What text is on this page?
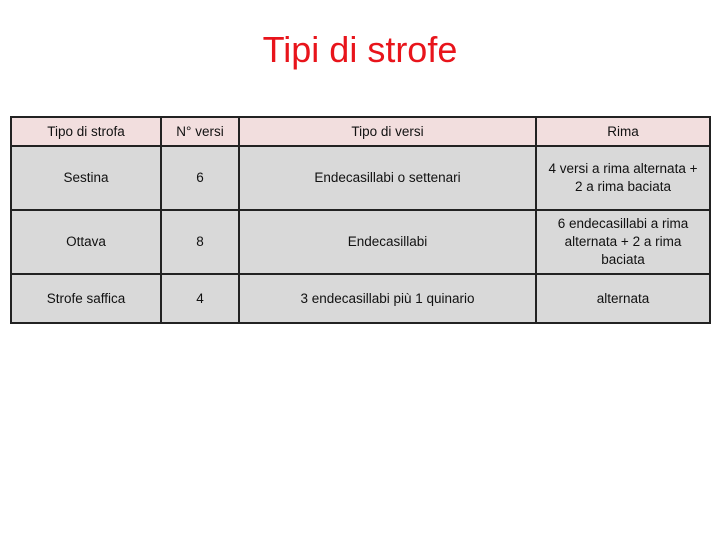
Tipi di strofe
Tipo di strofa	N° versi	Tipo di versi	Rima
Sestina	6	Endecasillabi o settenari	4 versi a rima alternata + 2 a rima baciata
Ottava	8	Endecasillabi	6 endecasillabi a rima alternata + 2 a rima baciata
Strofe saffica	4	3 endecasillabi più 1 quinario	alternata
